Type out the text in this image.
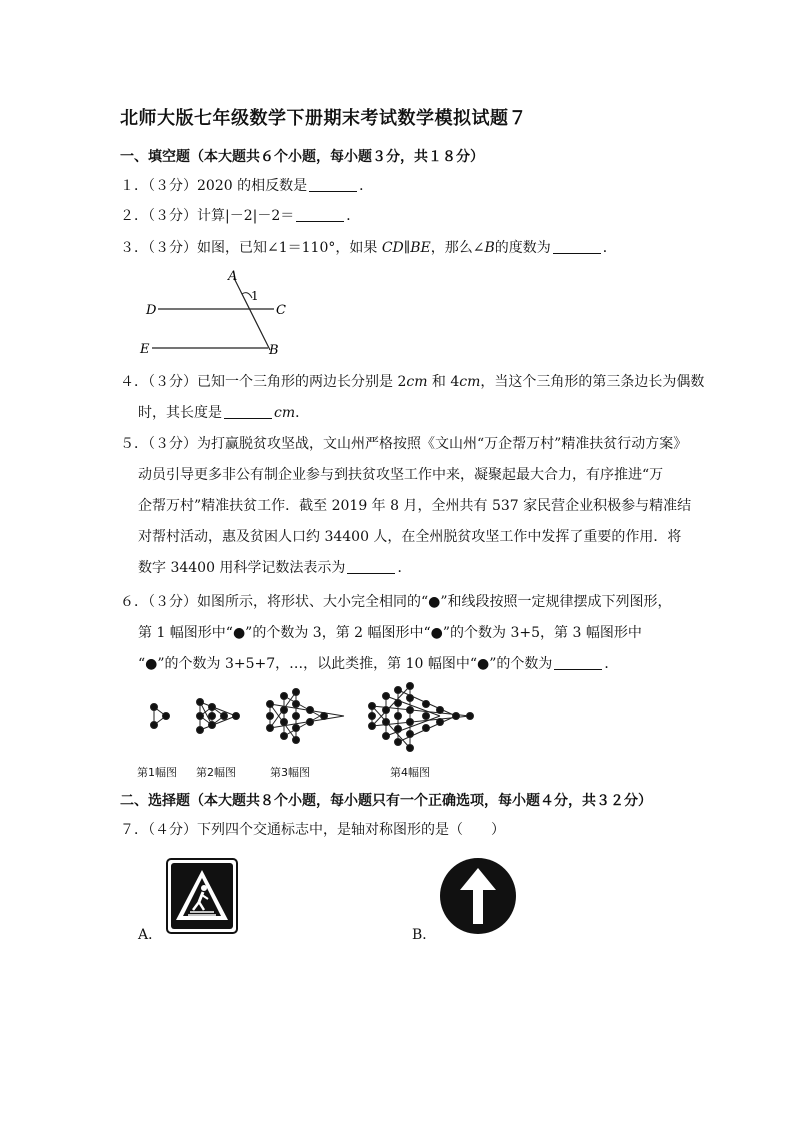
北师大版七年级数学下册期末考试数学模拟试题７
一、填空题（本大题共６个小题，每小题３分，共１８分）
１．（３分）2020 的相反数是	．
２．（３分）计算|－2|－2＝	．
３．（３分）如图，已知∠1＝110°，如果 CD∥BE，那么∠B的度数为	．
A
1
C
D
E	B
４．（３分）已知一个三角形的两边长分别是 2cm 和 4cm，当这个三角形的第三条边长为偶数
时，其长度是	cm．
５．（３分）为打赢脱贫攻坚战，文山州严格按照《文山州“万企帮万村”精准扶贫行动方案》
动员引导更多非公有制企业参与到扶贫攻坚工作中来，凝聚起最大合力，有序推进“万
企帮万村”精准扶贫工作．截至 2019 年 8 月，全州共有 537 家民营企业积极参与精准结
对帮村活动，惠及贫困人口约 34400 人，在全州脱贫攻坚工作中发挥了重要的作用．将
数字 34400 用科学记数法表示为	．
６．（３分）如图所示，将形状、大小完全相同的“●”和线段按照一定规律摆成下列图形，
第 1 幅图形中“●”的个数为 3，第 2 幅图形中“●”的个数为 3+5，第 3 幅图形中
“●”的个数为 3+5+7，…，以此类推，第 10 幅图中“●”的个数为	．
第1幅图 第2幅图	第3幅图	第4幅图
二、选择题（本大题共８个小题，每小题只有一个正确选项，每小题４分，共３２分）
７．（４分）下列四个交通标志中，是轴对称图形的是（　　）
A．	B．
